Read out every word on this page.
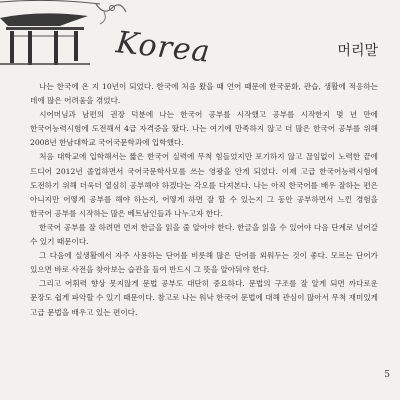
Korea	머리말

나는 한국에 온 지 10년이 되었다. 한국에 처음 왔을 때 언어 때문에 한국문화, 관습, 생활에 적응하는 데에 많은 어려움을 겪었다.

시어머님과 남편의 권장 덕분에 나는 한국어 공부를 시작했고 공부를 시작한지 몇 년 만에 한국어능력시험에 도전해서 4급 자격증을 땄다. 나는 여기에 만족하지 않고 더 많은 한국어 공부를 위해 2008년 한남대학교 국어국문학과에 입학했다.

처음 대학교에 입학해서는 짧은 한국어 실력에 무척 힘들었지만 포기하지 않고 끊임없이 노력한 끝에 드디어 2012년 졸업하면서 국어국문학사모를 쓰는 영광을 안게 되었다. 이제 고급 한국어능력시험에 도전하기 위해 더욱더 열심히 공부해야 하겠다는 각오를 다져본다. 나는 아직 한국어를 배우 잘하는 편은 아니지만 어떻게 공부를 해야 하는지, 어떻게 하면 잘 할 수 있는지 그 동안 공부하면서 느낀 경험을 한국어 공부를 시작하는 많은 베트남인들과 나누고자 한다.

한국어 공부를 잘 하려면 먼저 한글을 읽을 줄 알아야 한다. 한글을 읽을 수 있어야 다음 단계로 넘어갈 수 있기 때문이다.

그 다음에 실생활에서 자주 사용하는 단어를 비롯해 많은 단어를 외워두는 것이 좋다. 모르는 단어가 있으면 바로 사전을 찾아보는 습관을 들여 반드시 그 뜻을 알아둬야 한다.

그리고 어휘력 향상 못지않게 문법 공부도 대단히 중요하다. 문법의 구조를 잘 알게 되면 까다로운 문장도 쉽게 파악할 수 있기 때문이다. 참고로 나는 워낙 한국어 문법에 대해 관심이 많아서 무척 재미있게 고급 문법을 배우고 있는 편이다.

5
